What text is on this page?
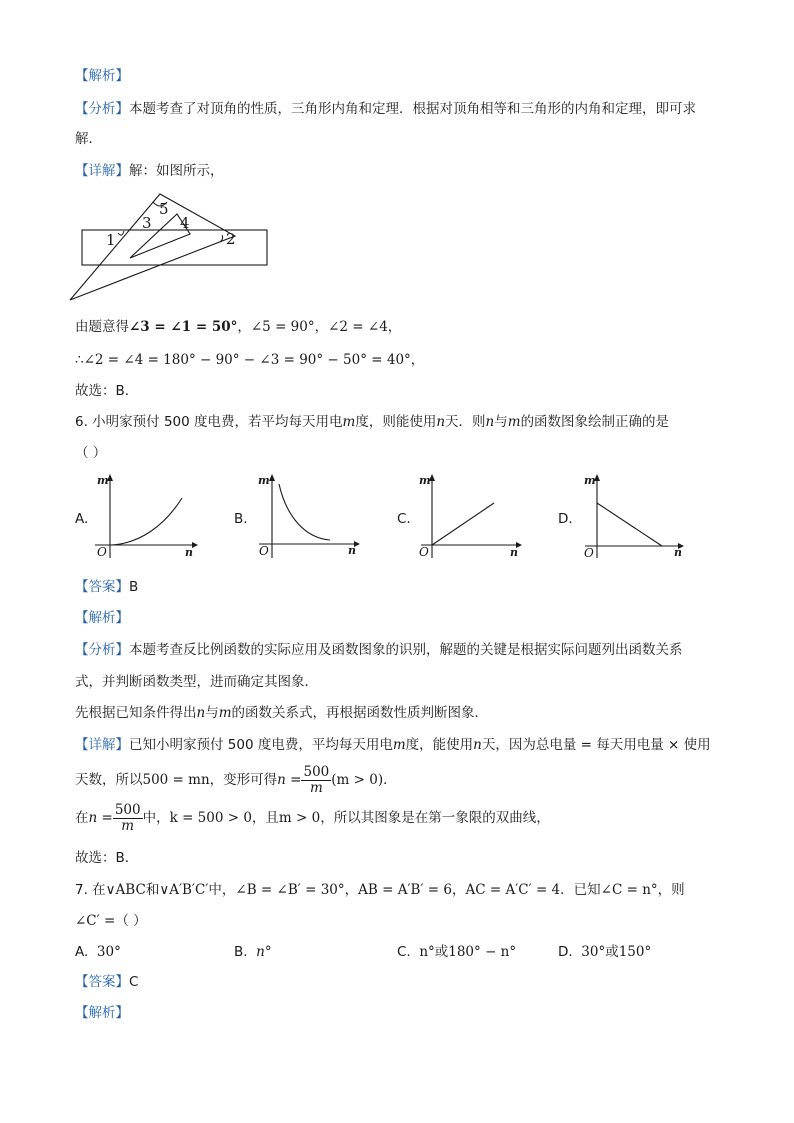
【解析】
【分析】本题考查了对顶角的性质，三角形内角和定理．根据对顶角相等和三角形的内角和定理，即可求
解．
【详解】解：如图所示，
1	2
3 4
5
由题意得∠3 = ∠1 = 50°，∠5 = 90°，∠2 = ∠4，
∴∠2 = ∠4 = 180° − 90° − ∠3 = 90° − 50° = 40°，
故选：B．
6. 小明家预付 500 度电费，若平均每天用电m度，则能使用n天．则n与m的函数图象绘制正确的是
（ ）
A.
m
n
O
B.
m
n
O
C.
m
n
O
D.
m
n
O
【答案】B
【解析】
【分析】本题考查反比例函数的实际应用及函数图象的识别，解题的关键是根据实际问题列出函数关系
式，并判断函数类型，进而确定其图象．
先根据已知条件得出n与m的函数关系式，再根据函数性质判断图象．
【详解】已知小明家预付 500 度电费，平均每天用电m度，能使用n天，因为总电量 = 每天用电量 × 使用
天数，所以500 = mn，变形可得$n = \frac{500}{m} (m > 0)$．
在$n = \frac{500}{m}$ 中，k = 500 > 0，且m > 0，所以其图象是在第一象限的双曲线，
故选：B．
7. 在∨ABC和∨A′B′C′中，∠B = ∠B′ = 30°，AB = A′B′ = 6，AC = A′C′ = 4．已知∠C = n°，则
∠C′ =（ ）
A. 30°	B. n°	C. n°或180° − n°	D. 30°或150°
【答案】C
【解析】
